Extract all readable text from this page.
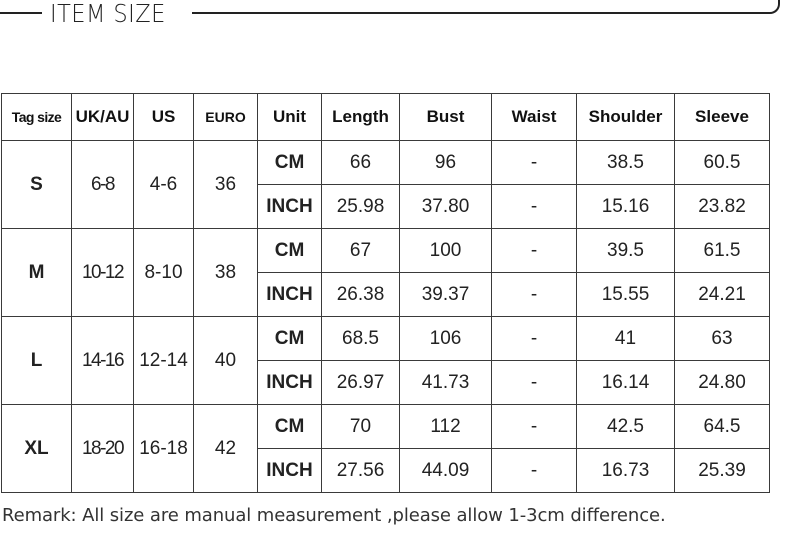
ITEM SIZE
Tag size	UK/AU	US	EURO	Unit	Length	Bust	Waist	Shoulder	Sleeve
S	6-8	4-6	36	CM	66	96	-	38.5	60.5
				INCH	25.98	37.80	-	15.16	23.82
M	10-12	8-10	38	CM	67	100	-	39.5	61.5
				INCH	26.38	39.37	-	15.55	24.21
L	14-16	12-14	40	CM	68.5	106	-	41	63
				INCH	26.97	41.73	-	16.14	24.80
XL	18-20	16-18	42	CM	70	112	-	42.5	64.5
				INCH	27.56	44.09	-	16.73	25.39
Remark: All size are manual measurement ,please allow 1-3cm difference.
